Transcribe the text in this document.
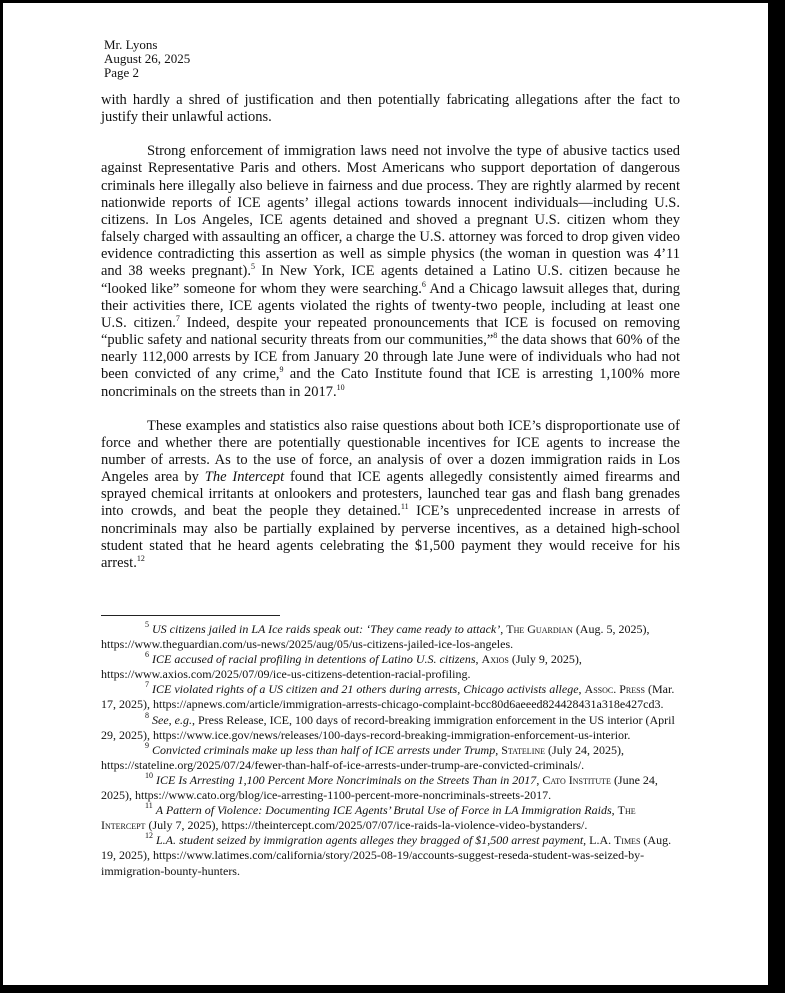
Mr. Lyons
August 26, 2025
Page 2

with hardly a shred of justification and then potentially fabricating allegations after the fact to justify their unlawful actions.

Strong enforcement of immigration laws need not involve the type of abusive tactics used against Representative Paris and others. Most Americans who support deportation of dangerous criminals here illegally also believe in fairness and due process. They are rightly alarmed by recent nationwide reports of ICE agents’ illegal actions towards innocent individuals—including U.S. citizens. In Los Angeles, ICE agents detained and shoved a pregnant U.S. citizen whom they falsely charged with assaulting an officer, a charge the U.S. attorney was forced to drop given video evidence contradicting this assertion as well as simple physics (the woman in question was 4’11 and 38 weeks pregnant).$^5$ In New York, ICE agents detained a Latino U.S. citizen because he “looked like” someone for whom they were searching.$^6$ And a Chicago lawsuit alleges that, during their activities there, ICE agents violated the rights of twenty-two people, including at least one U.S. citizen.$^7$ Indeed, despite your repeated pronouncements that ICE is focused on removing “public safety and national security threats from our communities,”$^8$ the data shows that 60% of the nearly 112,000 arrests by ICE from January 20 through late June were of individuals who had not been convicted of any crime,$^9$ and the Cato Institute found that ICE is arresting 1,100% more noncriminals on the streets than in 2017.10

These examples and statistics also raise questions about both ICE’s disproportionate use of force and whether there are potentially questionable incentives for ICE agents to increase the number of arrests. As to the use of force, an analysis of over a dozen immigration raids in Los Angeles area by The Intercept found that ICE agents allegedly consistently aimed firearms and sprayed chemical irritants at onlookers and protesters, launched tear gas and flash bang grenades into crowds, and beat the people they detained.$^{11}$ ICE’s unprecedented increase in arrests of noncriminals may also be partially explained by perverse incentives, as a detained high-school student stated that he heard agents celebrating the $1,500 payment they would receive for his arrest.$^{12}$

$^5$ US citizens jailed in LA Ice raids speak out: ‘They came ready to attack’, The Guardian (Aug. 5, 2025), https://www.theguardian.com/us-news/2025/aug/05/us-citizens-jailed-ice-los-angeles.

$^6$ ICE accused of racial profiling in detentions of Latino U.S. citizens, Axios (July 9, 2025), https://www.axios.com/2025/07/09/ice-us-citizens-detention-racial-profiling.

$^7$ ICE violated rights of a US citizen and 21 others during arrests, Chicago activists allege, Assoc. Press (Mar. 17, 2025), https://apnews.com/article/immigration-arrests-chicago-complaint-bcc80d6aeeed824428431a318e427cd3.

$^8$ See, e.g., Press Release, ICE, 100 days of record-breaking immigration enforcement in the US interior (April 29, 2025), https://www.ice.gov/news/releases/100-days-record-breaking-immigration-enforcement-us-interior.

$^9$ Convicted criminals make up less than half of ICE arrests under Trump, Stateline (July 24, 2025), https://stateline.org/2025/07/24/fewer-than-half-of-ice-arrests-under-trump-are-convicted-criminals/.

$^{10}$ ICE Is Arresting 1,100 Percent More Noncriminals on the Streets Than in 2017, Cato Institute (June 24, 2025), https://www.cato.org/blog/ice-arresting-1100-percent-more-noncriminals-streets-2017.

$^{11}$ A Pattern of Violence: Documenting ICE Agents’ Brutal Use of Force in LA Immigration Raids, The Intercept (July 7, 2025), https://theintercept.com/2025/07/07/ice-raids-la-violence-video-bystanders/.

$^{12}$ L.A. student seized by immigration agents alleges they bragged of $1,500 arrest payment, L.A. Times (Aug. 19, 2025), https://www.latimes.com/california/story/2025-08-19/accounts-suggest-reseda-student-was-seized-by-immigration-bounty-hunters.
